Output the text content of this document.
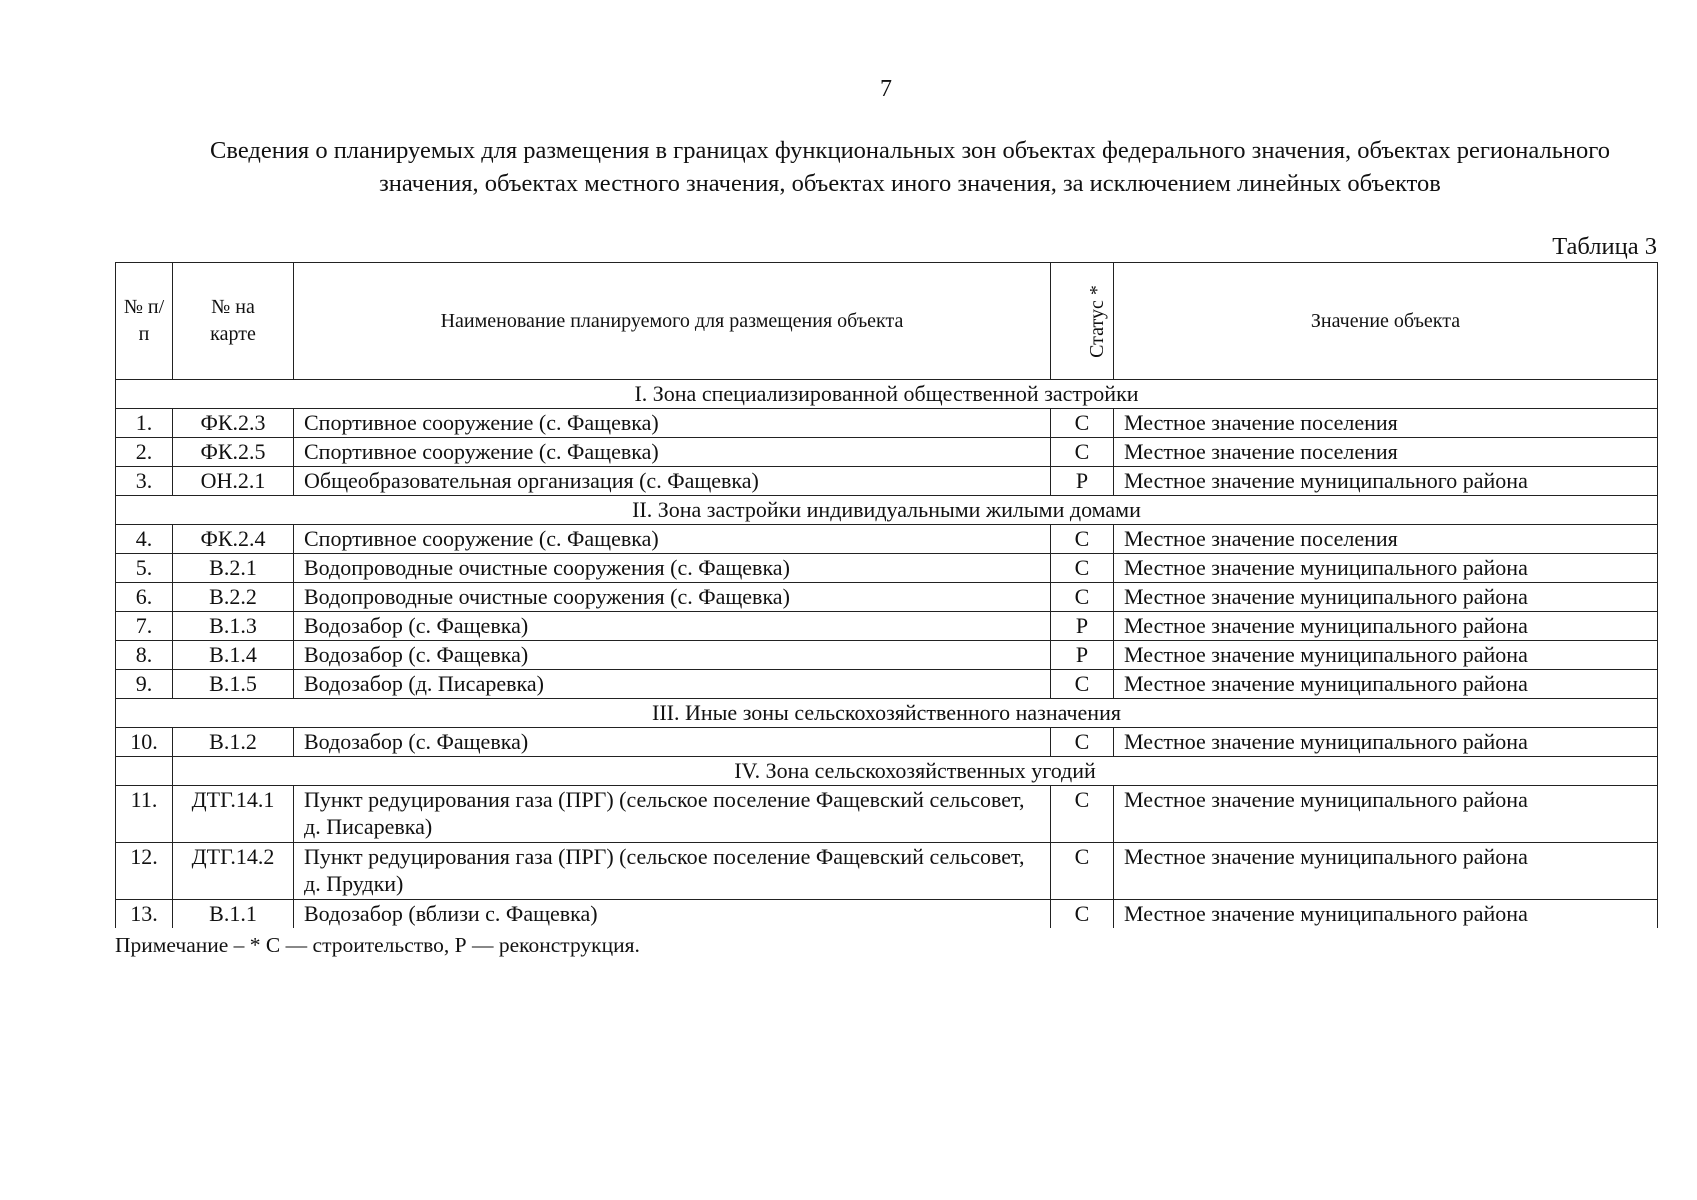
7
Сведения о планируемых для размещения в границах функциональных зон объектах федерального значения, объектах регионального значения, объектах местного значения, объектах иного значения, за исключением линейных объектов
Таблица 3
№ п/п	№ на карте	Наименование планируемого для размещения объекта	Статус *	Значение объекта
I. Зона специализированной общественной застройки				
1.	ФК.2.3	Спортивное сооружение (с. Фащевка)	С	Местное значение поселения
2.	ФК.2.5	Спортивное сооружение (с. Фащевка)	С	Местное значение поселения
3.	ОН.2.1	Общеобразовательная организация (с. Фащевка)	Р	Местное значение муниципального района
II. Зона застройки индивидуальными жилыми домами				
4.	ФК.2.4	Спортивное сооружение (с. Фащевка)	С	Местное значение поселения
5.	В.2.1	Водопроводные очистные сооружения (с. Фащевка)	С	Местное значение муниципального района
6.	В.2.2	Водопроводные очистные сооружения (с. Фащевка)	С	Местное значение муниципального района
7.	В.1.3	Водозабор (с. Фащевка)	Р	Местное значение муниципального района
8.	В.1.4	Водозабор (с. Фащевка)	Р	Местное значение муниципального района
9.	В.1.5	Водозабор (д. Писаревка)	С	Местное значение муниципального района
III. Иные зоны сельскохозяйственного назначения				
10.	В.1.2	Водозабор (с. Фащевка)	С	Местное значение муниципального района
	IV. Зона сельскохозяйственных угодий			
11.	ДТГ.14.1	Пункт редуцирования газа (ПРГ) (сельское поселение Фащевский сельсовет, д. Писаревка)	С	Местное значение муниципального района
12.	ДТГ.14.2	Пункт редуцирования газа (ПРГ) (сельское поселение Фащевский сельсовет, д. Прудки)	С	Местное значение муниципального района
13.	В.1.1	Водозабор (вблизи с. Фащевка)	С	Местное значение муниципального района
Примечание – * С — строительство, Р — реконструкция.
